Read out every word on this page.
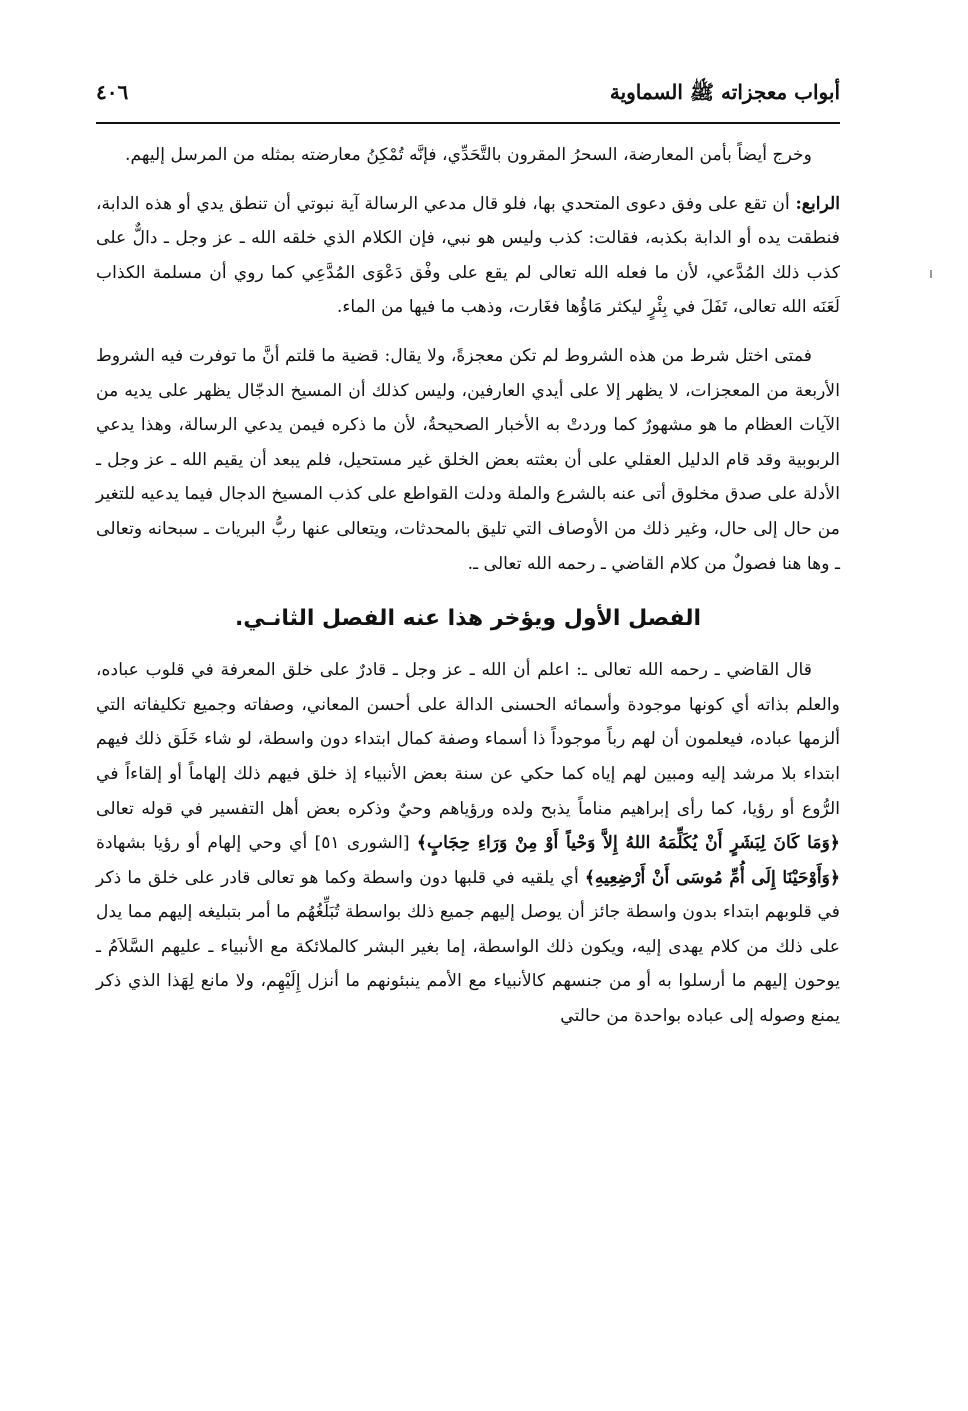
أبواب معجزاته ﷺ السماوية
٤٠٦

وخرج أيضاً بأمن المعارضة، السحرُ المقرون بالتَّحَدِّي، فإنَّه تُمْكِنُ معارضته بمثله من المرسل إليهم.

الرابع: أن تقع على وفق دعوى المتحدي بها، فلو قال مدعي الرسالة آية نبوتي أن تنطق يدي أو هذه الدابة، فنطقت يده أو الدابة بكذبه، فقالت: كذب وليس هو نبي، فإن الكلام الذي خلقه الله ـ عز وجل ـ دالٌّ على كذب ذلك المُدَّعي، لأن ما فعله الله تعالى لم يقع على وفْق دَعْوَى المُدَّعِي كما روي أن مسلمة الكذاب لَعَنَه الله تعالى، تَفَلَ في بِئْرٍ ليكثر مَاؤُها فغَارت، وذهب ما فيها من الماء.

فمتى اختل شرط من هذه الشروط لم تكن معجزةً، ولا يقال: قضية ما قلتم أنَّ ما توفرت فيه الشروط الأربعة من المعجزات، لا يظهر إلا على أيدي العارفين، وليس كذلك أن المسيخ الدجّال يظهر على يديه من الآيات العظام ما هو مشهورٌ كما وردتْ به الأخبار الصحيحةُ، لأن ما ذكره فيمن يدعي الرسالة، وهذا يدعي الربوبية وقد قام الدليل العقلي على أن بعثته بعض الخلق غير مستحيل، فلم يبعد أن يقيم الله ـ عز وجل ـ الأدلة على صدق مخلوق أتى عنه بالشرع والملة ودلت القواطع على كذب المسيخ الدجال فيما يدعيه للتغير من حال إلى حال، وغير ذلك من الأوصاف التي تليق بالمحدثات، ويتعالى عنها ربُّ البريات ـ سبحانه وتعالى ـ وها هنا فصولٌ من كلام القاضي ـ رحمه الله تعالى ـ.

الفصل الأول ويؤخر هذا عنه الفصل الثانـي.

قال القاضي ـ رحمه الله تعالى ـ: اعلم أن الله ـ عز وجل ـ قادرٌ على خلق المعرفة في قلوب عباده، والعلم بذاته أي كونها موجودة وأسمائه الحسنى الدالة على أحسن المعاني، وصفاته وجميع تكليفاته التي ألزمها عباده، فيعلمون أن لهم رباً موجوداً ذا أسماء وصفة كمال ابتداء دون واسطة، لو شاء خَلَق ذلك فيهم ابتداء بلا مرشد إليه ومبين لهم إياه كما حكي عن سنة بعض الأنبياء إذ خلق فيهم ذلك إلهاماً أو إلقاءاً في الرُّوع أو رؤيا، كما رأى إبراهيم مناماً يذبح ولده ورؤياهم وحيٌ وذكره بعض أهل التفسير في قوله تعالى ﴿وَمَا كَانَ لِبَشَرٍ أَنْ يُكَلِّمَهُ اللهُ إِلاَّ وَحْياً أَوْ مِنْ وَرَاءِ حِجَابٍ﴾ [الشورى ٥١] أي وحي إلهام أو رؤيا بشهادة ﴿وَأَوْحَيْنَا إِلَى أُمِّ مُوسَى أَنْ أَرْضِعِيهِ﴾ أي يلقيه في قلبها دون واسطة وكما هو تعالى قادر على خلق ما ذكر في قلوبهم ابتداء بدون واسطة جائز أن يوصل إليهم جميع ذلك بواسطة تُبَلِّغُهُم ما أمر بتبليغه إليهم مما يدل على ذلك من كلام يهدى إليه، ويكون ذلك الواسطة، إما بغير البشر كالملائكة مع الأنبياء ـ عليهم السَّلاَمُ ـ يوحون إليهم ما أرسلوا به أو من جنسهم كالأنبياء مع الأمم ينبئونهم ما أنزل إِلَيْهِم، ولا مانع لِهَذا الذي ذكر يمنع وصوله إلى عباده بواحدة من حالتي
